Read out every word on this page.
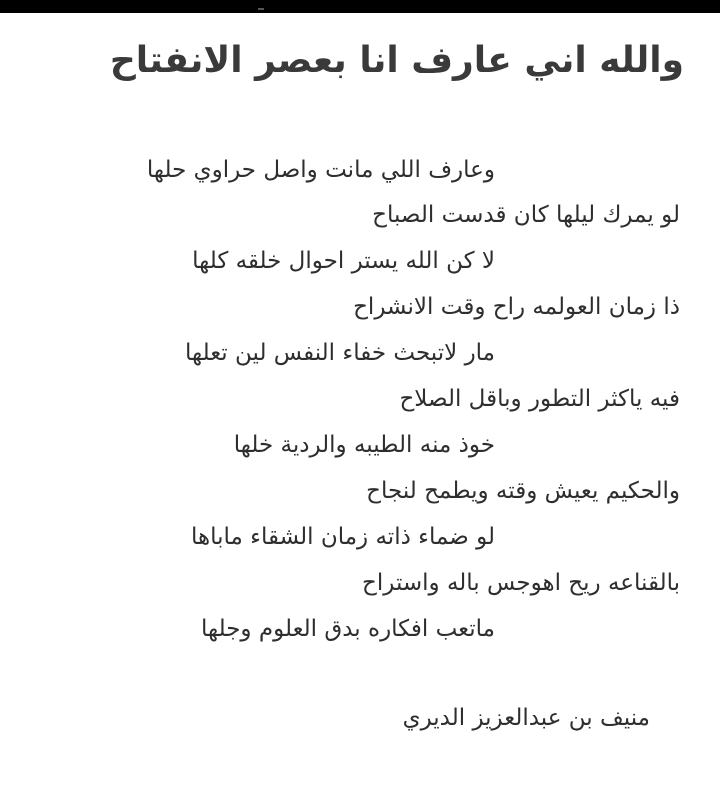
والله اني عارف انا بعصر الانفتاح
وعارف اللي مانت واصل حراوي حلها
لو يمرك ليلها كان قدست الصباح
لا كن الله يستر احوال خلقه كلها
ذا زمان العولمه راح وقت الانشراح
مار لاتبحث خفاء النفس لين تعلها
فيه ياكثر التطور وباقل الصلاح
خوذ منه الطيبه والردية خلها
والحكيم يعيش وقته ويطمح لنجاح
لو ضماء ذاته زمان الشقاء ماباها
بالقناعه ريح اهوجس باله واستراح
ماتعب افكاره بدق العلوم وجلها
منيف بن عبدالعزيز الديري
